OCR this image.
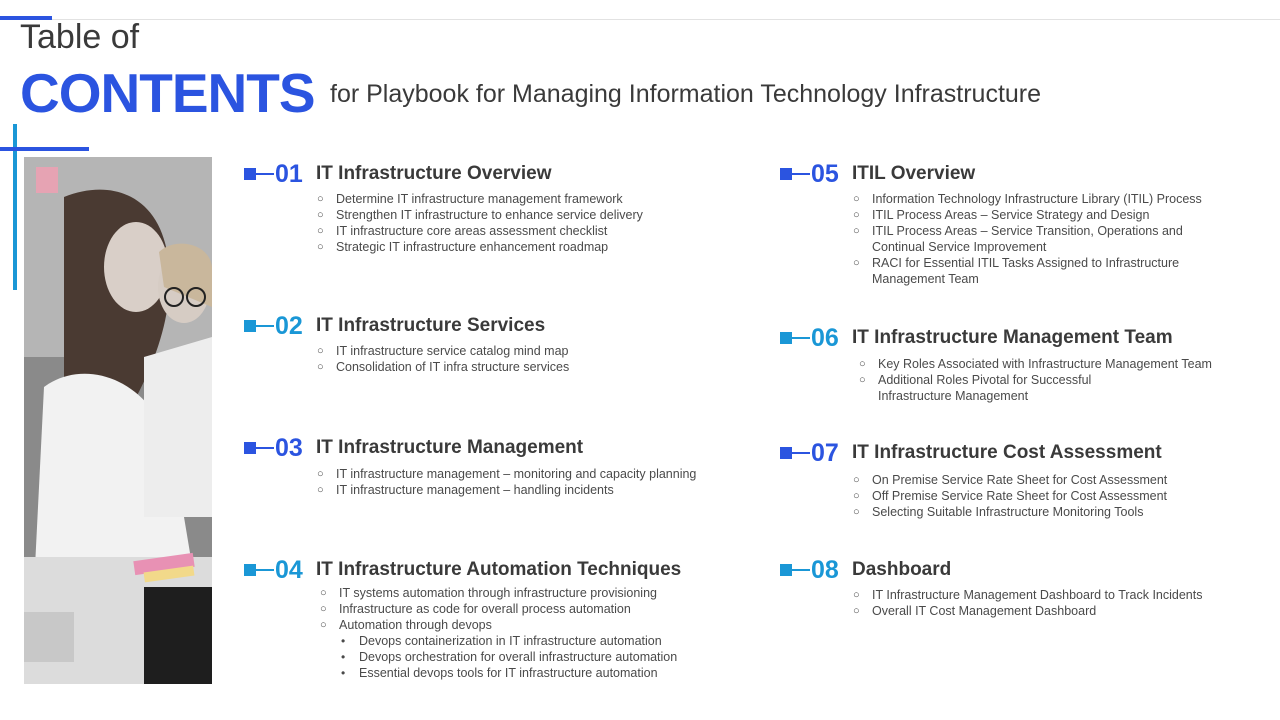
Table of
CONTENTS for Playbook for Managing Information Technology Infrastructure
01 IT Infrastructure Overview
○ Determine IT infrastructure management framework
○ Strengthen IT infrastructure to enhance service delivery
○ IT infrastructure core areas assessment checklist
○ Strategic IT infrastructure enhancement roadmap
02 IT Infrastructure Services
○ IT infrastructure service catalog mind map
○ Consolidation of IT infra structure services
03 IT Infrastructure Management
○ IT infrastructure management – monitoring and capacity planning
○ IT infrastructure management – handling incidents
04 IT Infrastructure Automation Techniques
○ IT systems automation through infrastructure provisioning
○ Infrastructure as code for overall process automation
○ Automation through devops
• Devops containerization in IT infrastructure automation
• Devops orchestration for overall infrastructure automation
• Essential devops tools for IT infrastructure automation
05 ITIL Overview
○ Information Technology Infrastructure Library (ITIL) Process
○ ITIL Process Areas – Service Strategy and Design
○ ITIL Process Areas – Service Transition, Operations and Continual Service Improvement
○ RACI for Essential ITIL Tasks Assigned to Infrastructure Management Team
06 IT Infrastructure Management Team
○ Key Roles Associated with Infrastructure Management Team
○ Additional Roles Pivotal for Successful Infrastructure Management
07 IT Infrastructure Cost Assessment
○ On Premise Service Rate Sheet for Cost Assessment
○ Off Premise Service Rate Sheet for Cost Assessment
○ Selecting Suitable Infrastructure Monitoring Tools
08 Dashboard
○ IT Infrastructure Management Dashboard to Track Incidents
○ Overall IT Cost Management Dashboard
